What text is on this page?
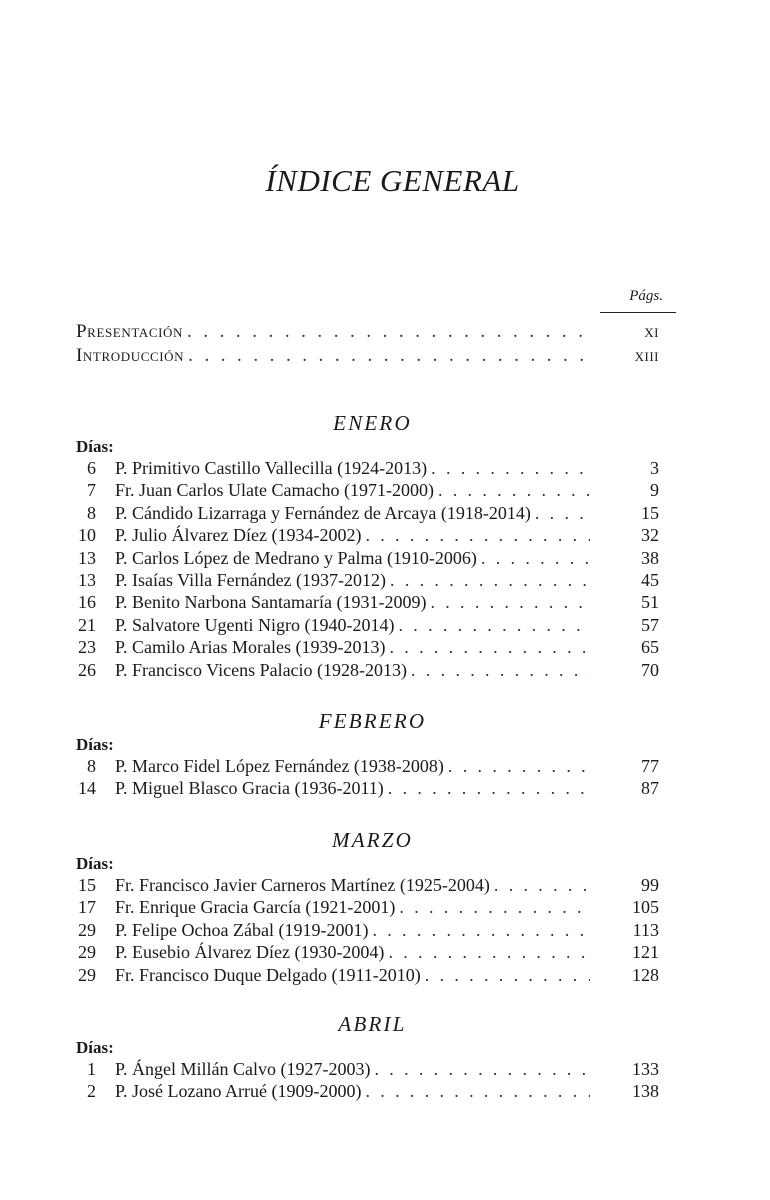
ÍNDICE GENERAL
Págs.
Presentación . . .	xi
Introducción . . .	xiii
ENERO
Días:
6 P. Primitivo Castillo Vallecilla (1924-2013) . . .	3
7 Fr. Juan Carlos Ulate Camacho (1971-2000) . . .	9
8 P. Cándido Lizarraga y Fernández de Arcaya (1918-2014) . . .	15
10 P. Julio Álvarez Díez (1934-2002) . . .	32
13 P. Carlos López de Medrano y Palma (1910-2006) . . .	38
13 P. Isaías Villa Fernández (1937-2012) . . .	45
16 P. Benito Narbona Santamaría (1931-2009) . . .	51
21 P. Salvatore Ugenti Nigro (1940-2014) . . .	57
23 P. Camilo Arias Morales (1939-2013) . . .	65
26 P. Francisco Vicens Palacio (1928-2013) . . .	70
FEBRERO
Días:
8 P. Marco Fidel López Fernández (1938-2008) . . .	77
14 P. Miguel Blasco Gracia (1936-2011) . . .	87
MARZO
Días:
15 Fr. Francisco Javier Carneros Martínez (1925-2004) . . .	99
17 Fr. Enrique Gracia García (1921-2001) . . .	105
29 P. Felipe Ochoa Zábal (1919-2001) . . .	113
29 P. Eusebio Álvarez Díez (1930-2004) . . .	121
29 Fr. Francisco Duque Delgado (1911-2010) . . .	128
ABRIL
Días:
1 P. Ángel Millán Calvo (1927-2003) . . .	133
2 P. José Lozano Arrué (1909-2000) . . .	138
